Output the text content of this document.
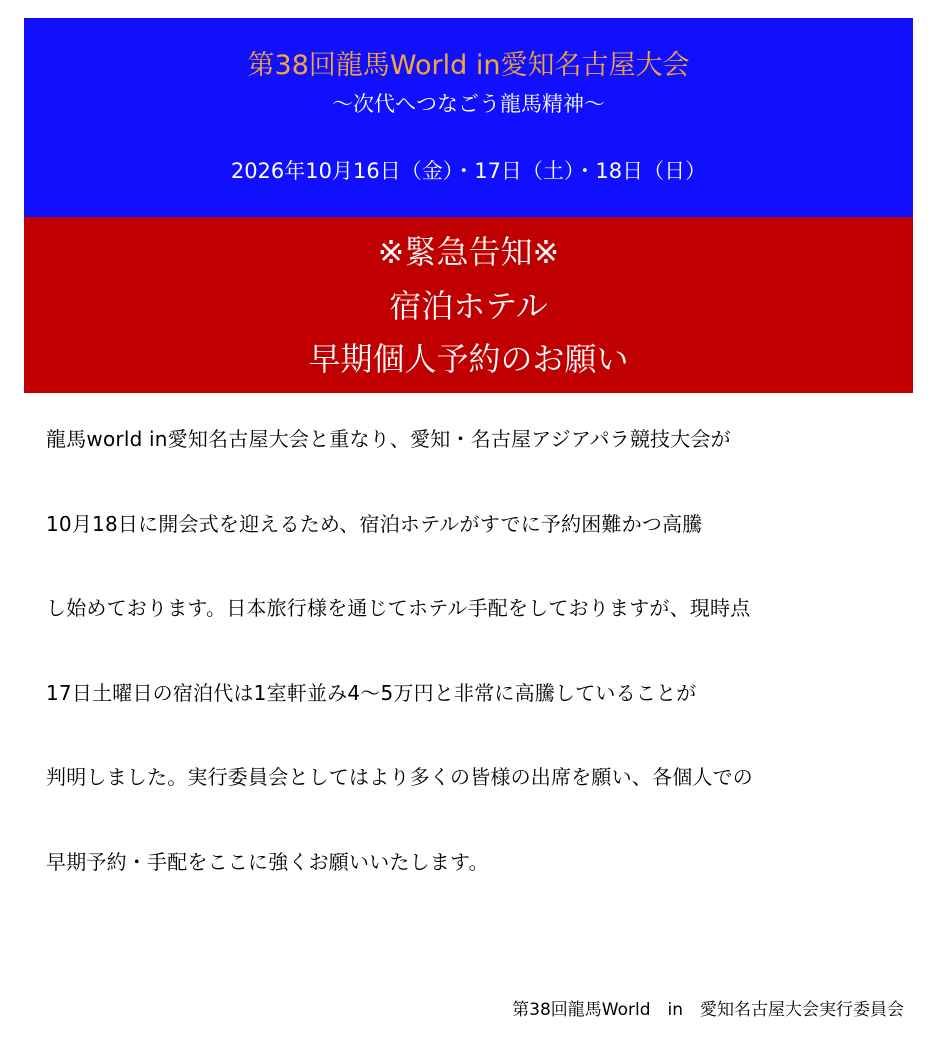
第38回龍馬World in愛知名古屋大会
～次代へつなごう龍馬精神～
2026年10月16日（金）・17日（土）・18日（日）
※緊急告知※
宿泊ホテル
早期個人予約のお願い
龍馬world in愛知名古屋大会と重なり、愛知・名古屋アジアパラ競技大会が
10月18日に開会式を迎えるため、宿泊ホテルがすでに予約困難かつ高騰
し始めております。日本旅行様を通じてホテル手配をしておりますが、現時点
17日土曜日の宿泊代は1室軒並み4～5万円と非常に高騰していることが
判明しました。実行委員会としてはより多くの皆様の出席を願い、各個人での
早期予約・手配をここに強くお願いいたします。
第38回龍馬World　in　愛知名古屋大会実行委員会
